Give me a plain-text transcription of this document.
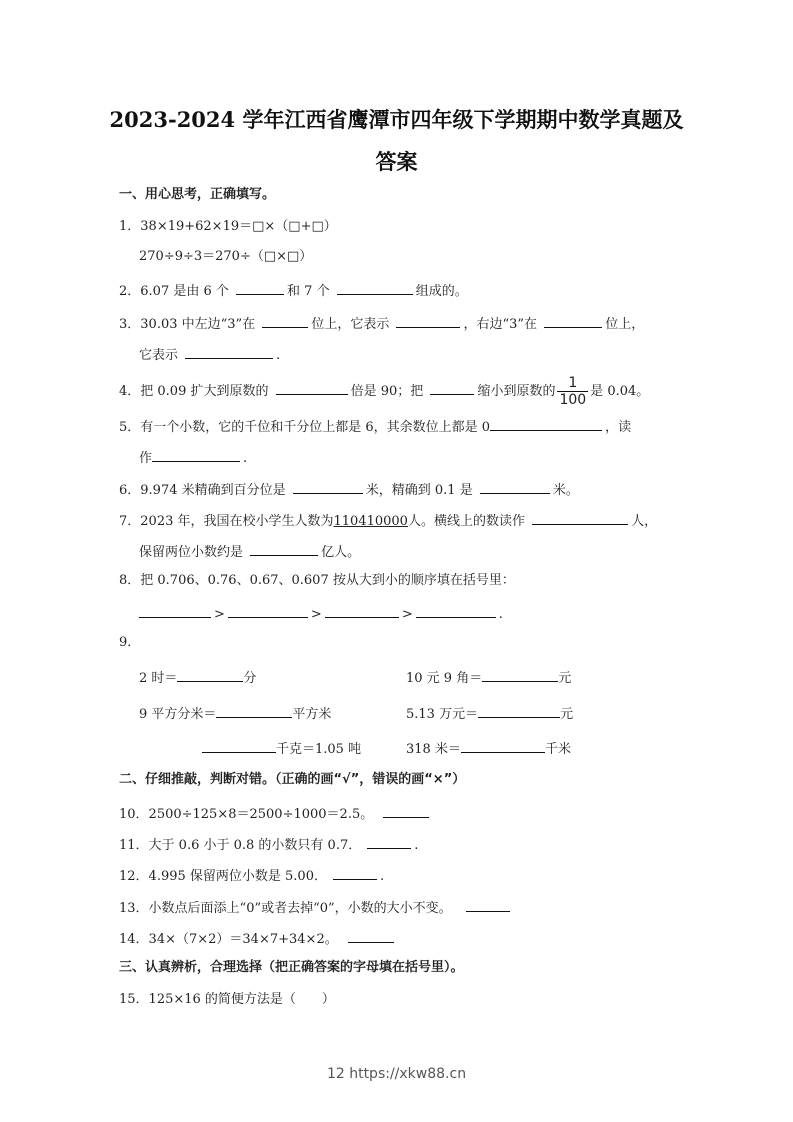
2023-2024 学年江西省鹰潭市四年级下学期期中数学真题及
答案
一、用心思考，正确填写。
1．38×19+62×19＝□×（□+□）
270÷9÷3＝270÷（□×□）
2．6.07 是由 6 个	和 7 个	组成的。
3．30.03 中左边“3”在	位上，它表示	，右边“3”在	位上，
它表示	.
4．把 0.09 扩大到原数的	倍是 90；把	缩小到原数的 $\frac{1}{100}$ 是 0.04。
5．有一个小数，它的千位和千分位上都是 6，其余数位上都是 0	，读
作	.
6．9.974 米精确到百分位是	米，精确到 0.1 是	米。
7．2023 年，我国在校小学生人数为110410000人。横线上的数读作	人，
保留两位小数约是	亿人。
8．把 0.706、0.76、0.67、0.607 按从大到小的顺序填在括号里：
>	>	>	.
9．
2 时＝	分	10 元 9 角＝	元
9 平方分米＝	平方米	5.13 万元＝	元
千克＝1.05 吨	318 米＝	千米
二、仔细推敲，判断对错。（正确的画“√”，错误的画“×”）
10．2500÷125×8＝2500÷1000＝2.5。
11．大于 0.6 小于 0.8 的小数只有 0.7．	.
12．4.995 保留两位小数是 5.00．	.
13．小数点后面添上“0”或者去掉“0”，小数的大小不变。
14．34×（7×2）＝34×7+34×2。
三、认真辨析，合理选择（把正确答案的字母填在括号里）。
15．125×16 的简便方法是（　　）
12 https://xkw88.cn
